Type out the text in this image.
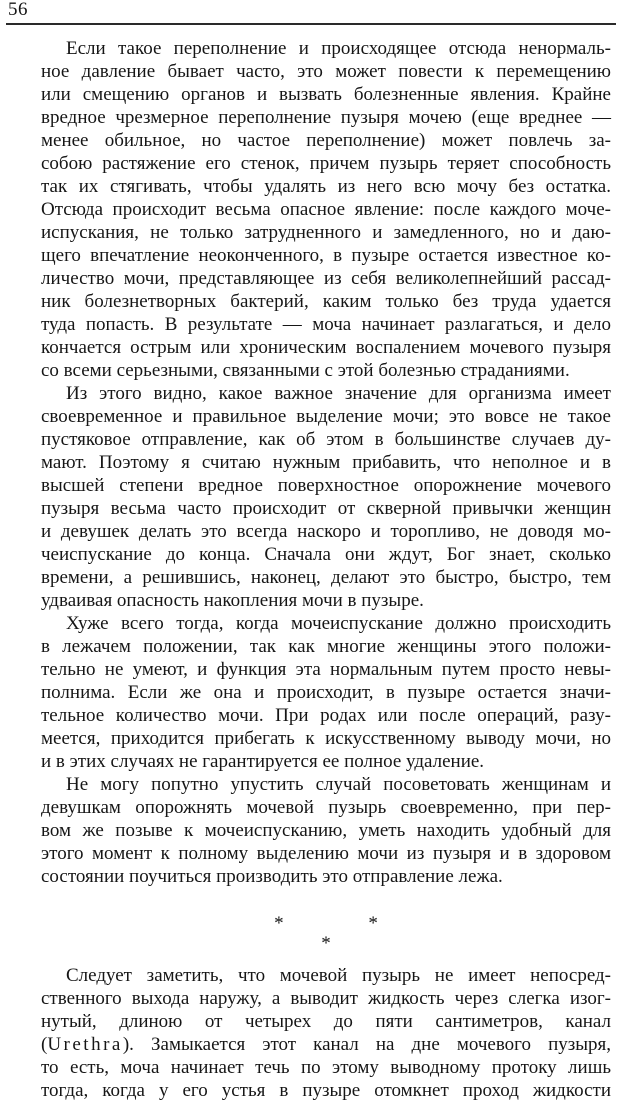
56
Если такое переполнение и происходящее отсюда ненормаль-
ное давление бывает часто, это может повести к перемещению
или смещению органов и вызвать болезненные явления. Крайне
вредное чрезмерное переполнение пузыря мочею (еще вреднее —
менее обильное, но частое переполнение) может повлечь за-
собою растяжение его стенок, причем пузырь теряет способность
так их стягивать, чтобы удалять из него всю мочу без остатка.
Отсюда происходит весьма опасное явление: после каждого моче-
испускания, не только затрудненного и замедленного, но и даю-
щего впечатление неоконченного, в пузыре остается известное ко-
личество мочи, представляющее из себя великолепнейший рассад-
ник болезнетворных бактерий, каким только без труда удается
туда попасть. В результате — моча начинает разлагаться, и дело
кончается острым или хроническим воспалением мочевого пузыря
со всеми серьезными, связанными с этой болезнью страданиями.
Из этого видно, какое важное значение для организма имеет
своевременное и правильное выделение мочи; это вовсе не такое
пустяковое отправление, как об этом в большинстве случаев ду-
мают. Поэтому я считаю нужным прибавить, что неполное и в
высшей степени вредное поверхностное опорожнение мочевого
пузыря весьма часто происходит от скверной привычки женщин
и девушек делать это всегда наскоро и торопливо, не доводя мо-
чеиспускание до конца. Сначала они ждут, Бог знает, сколько
времени, а решившись, наконец, делают это быстро, быстро, тем
удваивая опасность накопления мочи в пузыре.
Хуже всего тогда, когда мочеиспускание должно происходить
в лежачем положении, так как многие женщины этого положи-
тельно не умеют, и функция эта нормальным путем просто невы-
полнима. Если же она и происходит, в пузыре остается значи-
тельное количество мочи. При родах или после операций, разу-
меется, приходится прибегать к искусственному выводу мочи, но
и в этих случаях не гарантируется ее полное удаление.
Не могу попутно упустить случай посоветовать женщинам и
девушкам опорожнять мочевой пузырь своевременно, при пер-
вом же позыве к мочеиспусканию, уметь находить удобный для
этого момент к полному выделению мочи из пузыря и в здоровом
состоянии поучиться производить это отправление лежа.
* *
*
Следует заметить, что мочевой пузырь не имеет непосред-
ственного выхода наружу, а выводит жидкость через слегка изог-
нутый, длиною от четырех до пяти сантиметров, канал
(Urethra). Замыкается этот канал на дне мочевого пузыря,
то есть, моча начинает течь по этому выводному протоку лишь
тогда, когда у его устья в пузыре отомкнет проход жидкости
